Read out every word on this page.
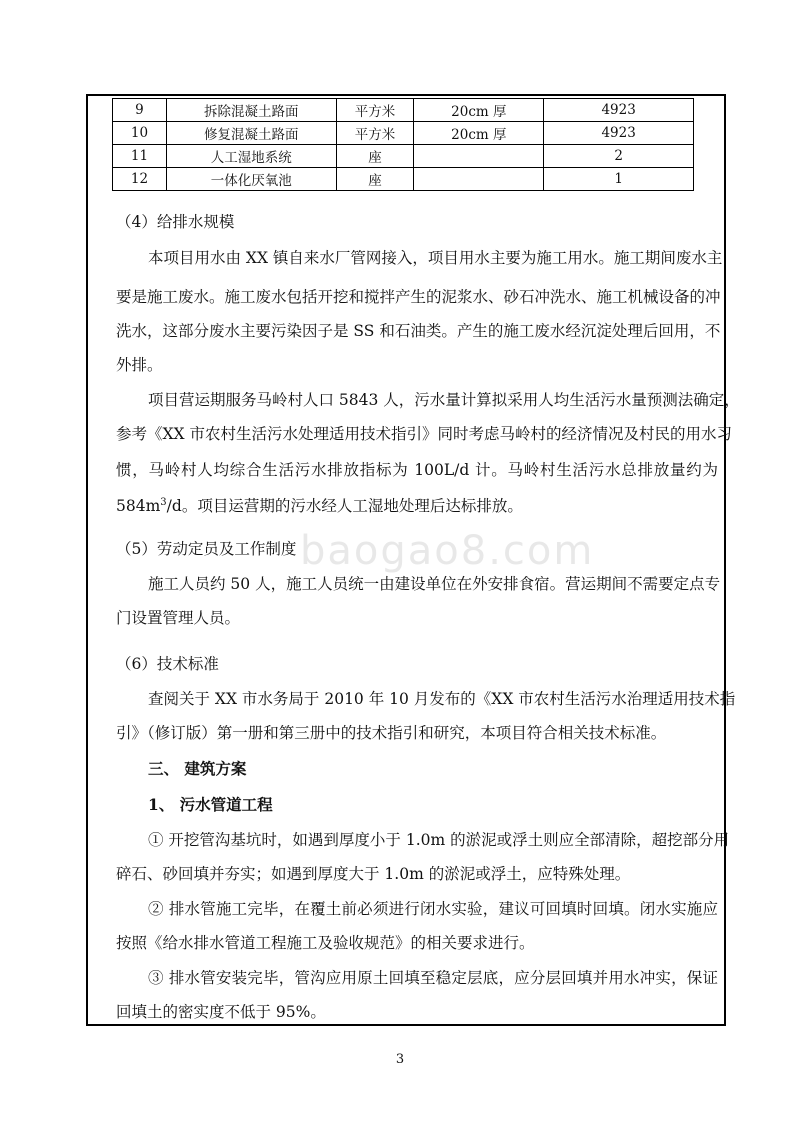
9	拆除混凝土路面	平方米	20cm 厚	4923
10	修复混凝土路面	平方米	20cm 厚	4923
11	人工湿地系统	座		2
12	一体化厌氧池	座		1
（4）给排水规模
本项目用水由 XX 镇自来水厂管网接入，项目用水主要为施工用水。施工期间废水主
要是施工废水。施工废水包括开挖和搅拌产生的泥浆水、砂石冲洗水、施工机械设备的冲
洗水，这部分废水主要污染因子是 SS 和石油类。产生的施工废水经沉淀处理后回用，不
外排。
项目营运期服务马岭村人口 5843 人，污水量计算拟采用人均生活污水量预测法确定，
参考《XX 市农村生活污水处理适用技术指引》同时考虑马岭村的经济情况及村民的用水习
惯，马岭村人均综合生活污水排放指标为 100L/d 计。马岭村生活污水总排放量约为
$584m^3/d$。项目运营期的污水经人工湿地处理后达标排放。
baogao8.com
（5）劳动定员及工作制度
施工人员约 50 人，施工人员统一由建设单位在外安排食宿。营运期间不需要定点专
门设置管理人员。
（6）技术标准
查阅关于 XX 市水务局于 2010 年 10 月发布的《XX 市农村生活污水治理适用技术指
引》（修订版）第一册和第三册中的技术指引和研究，本项目符合相关技术标准。
三、 建筑方案
1、 污水管道工程
① 开挖管沟基坑时，如遇到厚度小于 1.0m 的淤泥或浮土则应全部清除，超挖部分用
碎石、砂回填并夯实；如遇到厚度大于 1.0m 的淤泥或浮土，应特殊处理。
② 排水管施工完毕，在覆土前必须进行闭水实验，建议可回填时回填。闭水实施应
按照《给水排水管道工程施工及验收规范》的相关要求进行。
③ 排水管安装完毕，管沟应用原土回填至稳定层底，应分层回填并用水冲实，保证
回填土的密实度不低于 95%。
3
